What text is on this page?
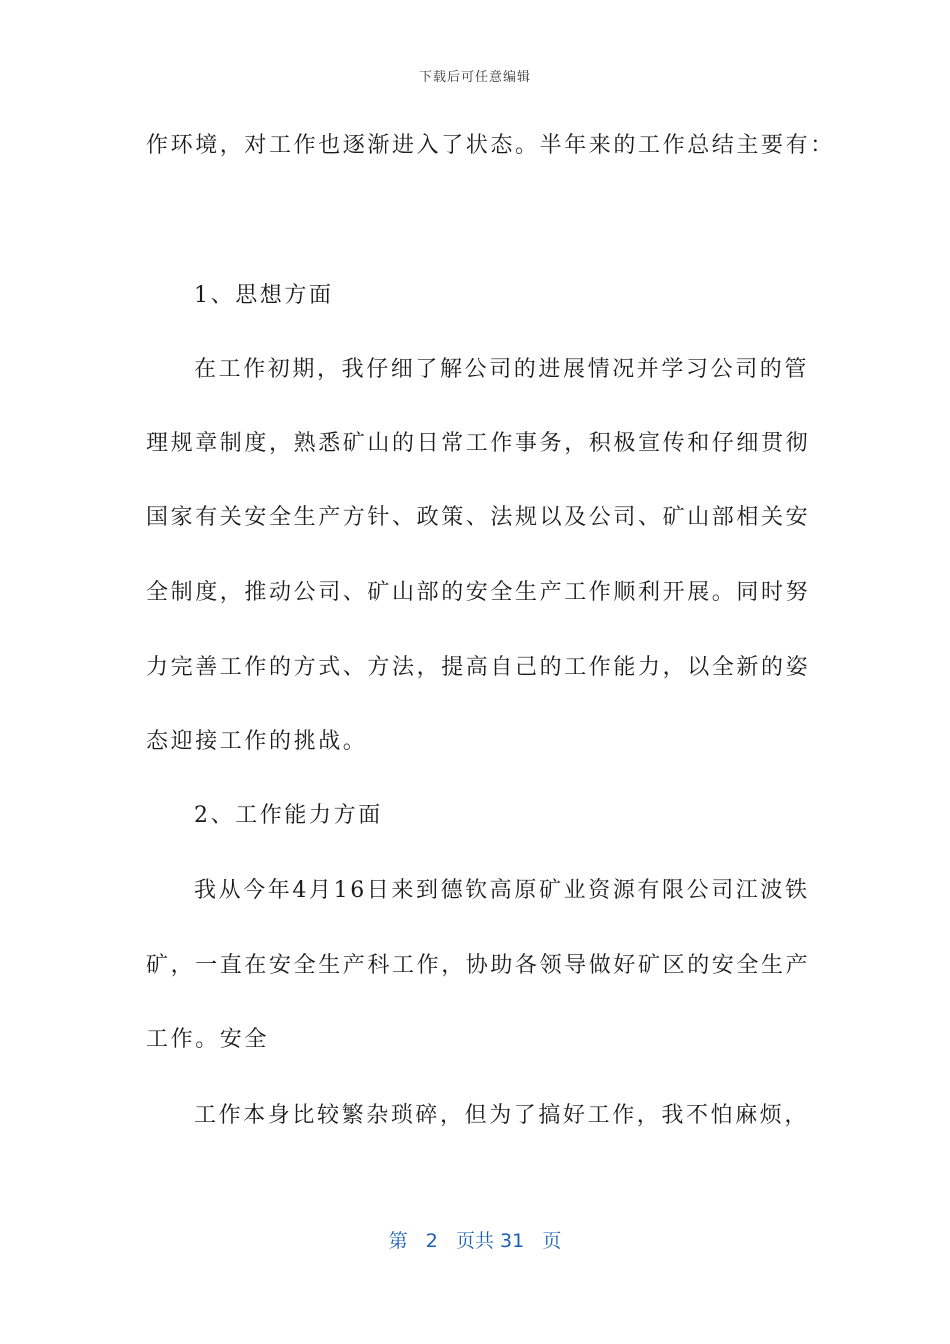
下载后可任意编辑
作环境，对工作也逐渐进入了状态。半年来的工作总结主要有：
1、思想方面
在工作初期，我仔细了解公司的进展情况并学习公司的管
理规章制度，熟悉矿山的日常工作事务，积极宣传和仔细贯彻
国家有关安全生产方针、政策、法规以及公司、矿山部相关安
全制度，推动公司、矿山部的安全生产工作顺利开展。同时努
力完善工作的方式、方法，提高自己的工作能力，以全新的姿
态迎接工作的挑战。
2、工作能力方面
我从今年4月16日来到德钦高原矿业资源有限公司江波铁
矿，一直在安全生产科工作，协助各领导做好矿区的安全生产
工作。安全
工作本身比较繁杂琐碎，但为了搞好工作，我不怕麻烦，
第 2 页共 31 页
